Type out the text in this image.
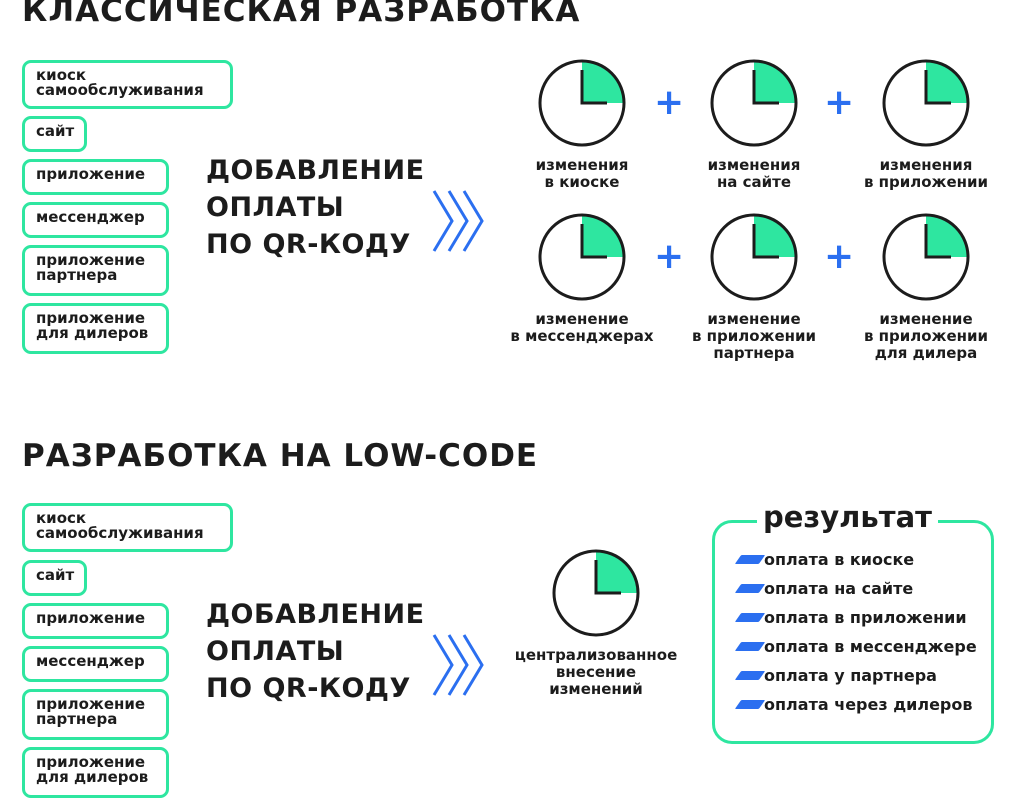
КЛАССИЧЕСКАЯ РАЗРАБОТКА
киоск
самообслуживания
сайт
приложение
мессенджер
приложение
партнера
приложение
для дилеров
ДОБАВЛЕНИЕ
ОПЛАТЫ
ПО QR-КОДУ
+	+
изменения
в киоске
изменения
на сайте
изменения
в приложении
+	+
изменение
в мессенджерах
изменение
в приложении
партнера
изменение
в приложении
для дилера
РАЗРАБОТКА НА LOW-CODE
киоск
самообслуживания
сайт
приложение
мессенджер
приложение
партнера
приложение
для дилеров
ДОБАВЛЕНИЕ
ОПЛАТЫ
ПО QR-КОДУ
централизованное
внесение
изменений
результат
оплата в киоске
оплата на сайте
оплата в приложении
оплата в мессенджере
оплата у партнера
оплата через дилеров
